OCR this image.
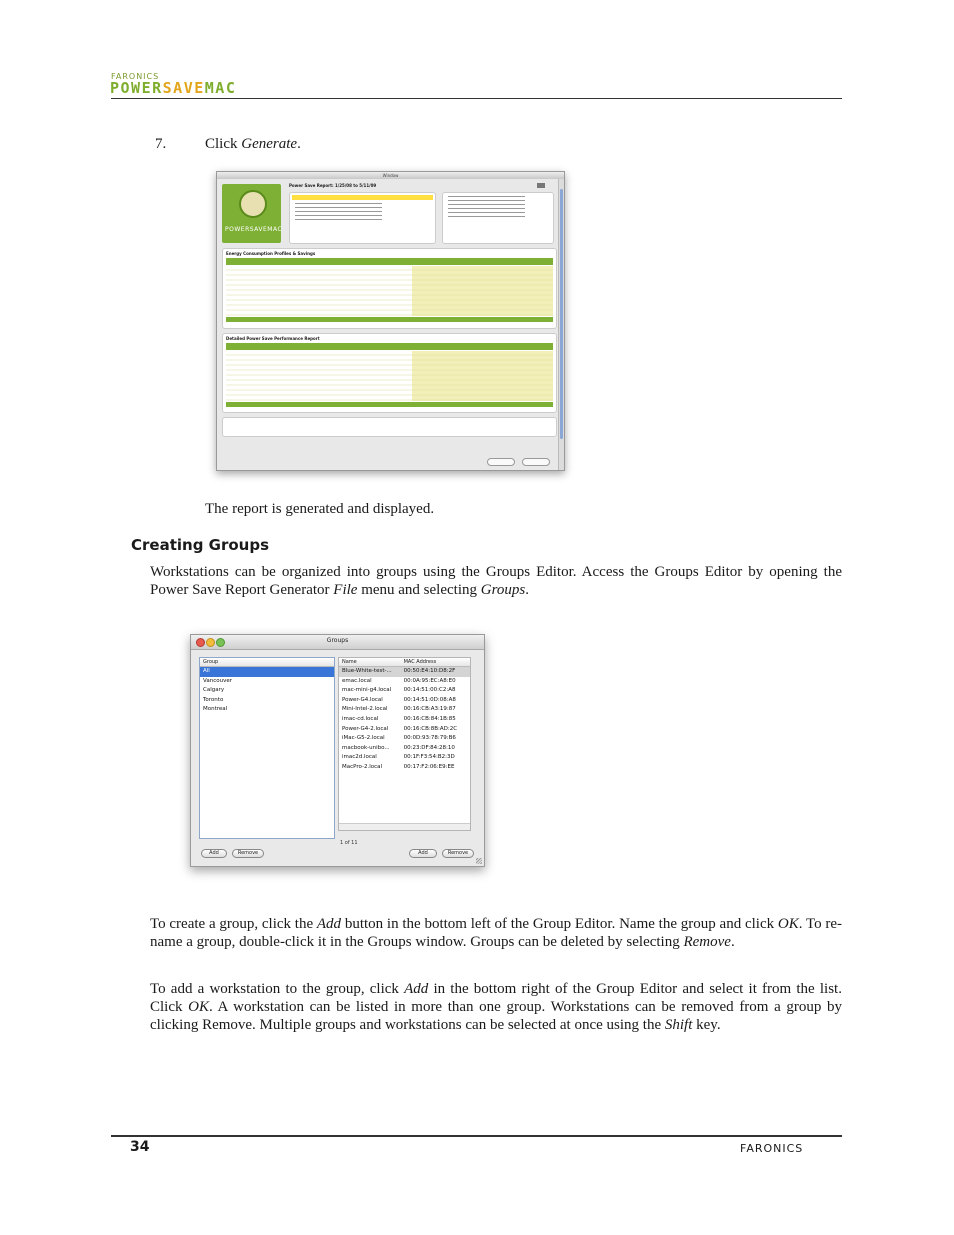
FARONICS
POWERSAVEMAC
7.	Click Generate.
Window
POWERSAVEMAC
Power Save Report: 1/25/08 to 5/11/09
Energy Consumption Profiles & Savings
Detailed Power Save Performance Report
The report is generated and displayed.
Creating Groups
Workstations can be organized into groups using the Groups Editor. Access the Groups Editor by opening the Power Save Report Generator File menu and selecting Groups.
Groups
Group
All
Vancouver
Calgary
Toronto
Montreal
Name	MAC Address
Blue-White-test-...	00:50:E4:10:D8:2F
emac.local	00:0A:95:EC:A8:E0
mac-mini-g4.local	00:14:51:00:C2:A8
Power-G4.local	00:14:51:0D:08:A8
Mini-Intel-2.local	00:16:CB:A3:19:87
imac-cd.local	00:16:CB:84:1B:85
Power-G4-2.local	00:16:CB:8B:AD:2C
iMac-G5-2.local	00:0D:93:78:79:B6
macbook-unibo...	00:23:DF:84:28:10
imac2d.local	00:1F:F3:54:B2:3D
MacPro-2.local	00:17:F2:06:E9:EE
1 of 11
Add	Remove	Add	Remove
To create a group, click the Add button in the bottom left of the Group Editor. Name the group and click OK. To re-name a group, double-click it in the Groups window. Groups can be deleted by selecting Remove.
To add a workstation to the group, click Add in the bottom right of the Group Editor and select it from the list. Click OK. A workstation can be listed in more than one group. Workstations can be removed from a group by clicking Remove. Multiple groups and workstations can be selected at once using the Shift key.
34	FARONICS
